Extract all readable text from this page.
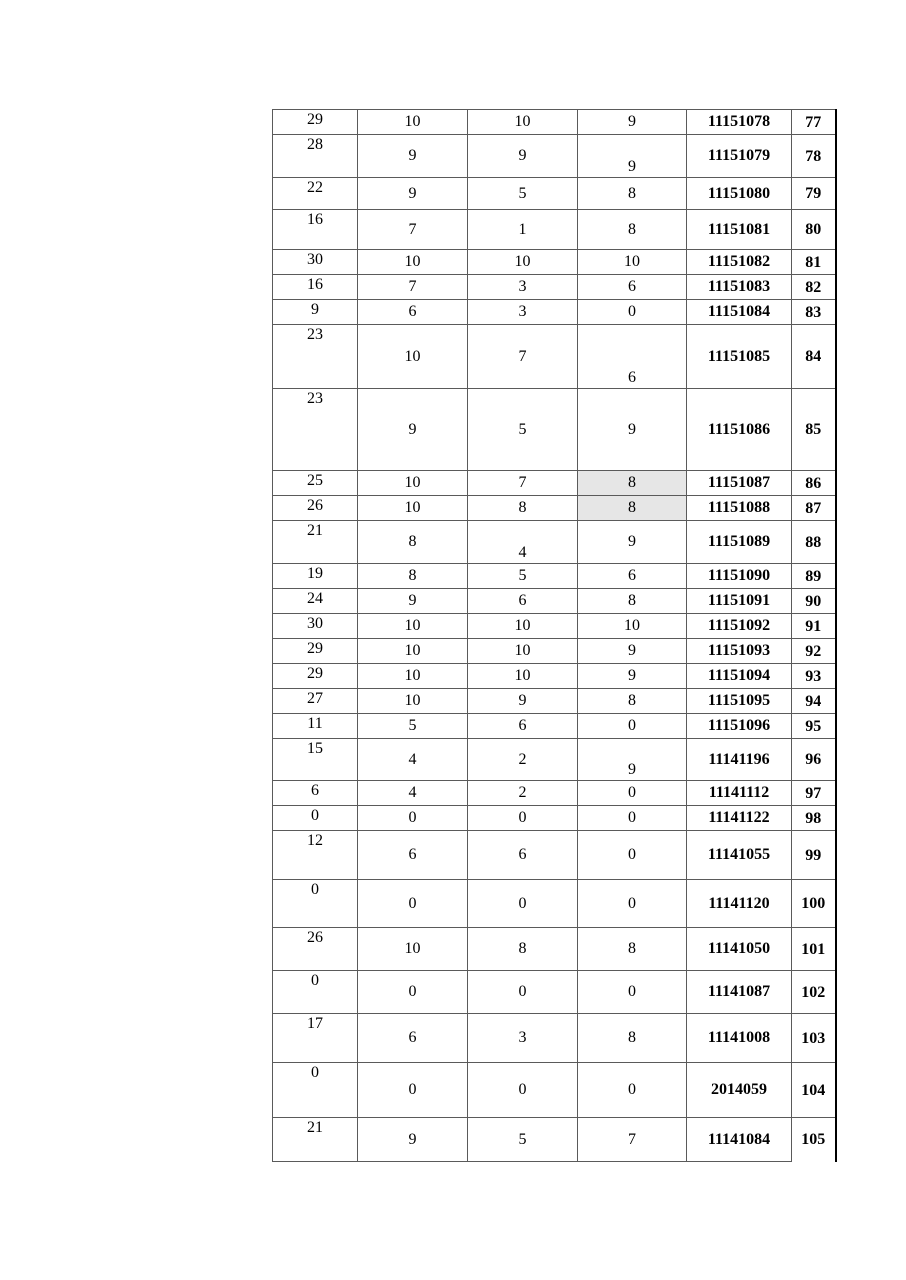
29	10	10	9	11151078	77
28	9	9	9	11151079	78
22	9	5	8	11151080	79
16	7	1	8	11151081	80
30	10	10	10	11151082	81
16	7	3	6	11151083	82
9	6	3	0	11151084	83
23	10	7	6	11151085	84
23	9	5	9	11151086	85
25	10	7	8	11151087	86
26	10	8	8	11151088	87
21	8	4	9	11151089	88
19	8	5	6	11151090	89
24	9	6	8	11151091	90
30	10	10	10	11151092	91
29	10	10	9	11151093	92
29	10	10	9	11151094	93
27	10	9	8	11151095	94
11	5	6	0	11151096	95
15	4	2	9	11141196	96
6	4	2	0	11141112	97
0	0	0	0	11141122	98
12	6	6	0	11141055	99
0	0	0	0	11141120	100
26	10	8	8	11141050	101
0	0	0	0	11141087	102
17	6	3	8	11141008	103
0	0	0	0	2014059	104
21	9	5	7	11141084	105
